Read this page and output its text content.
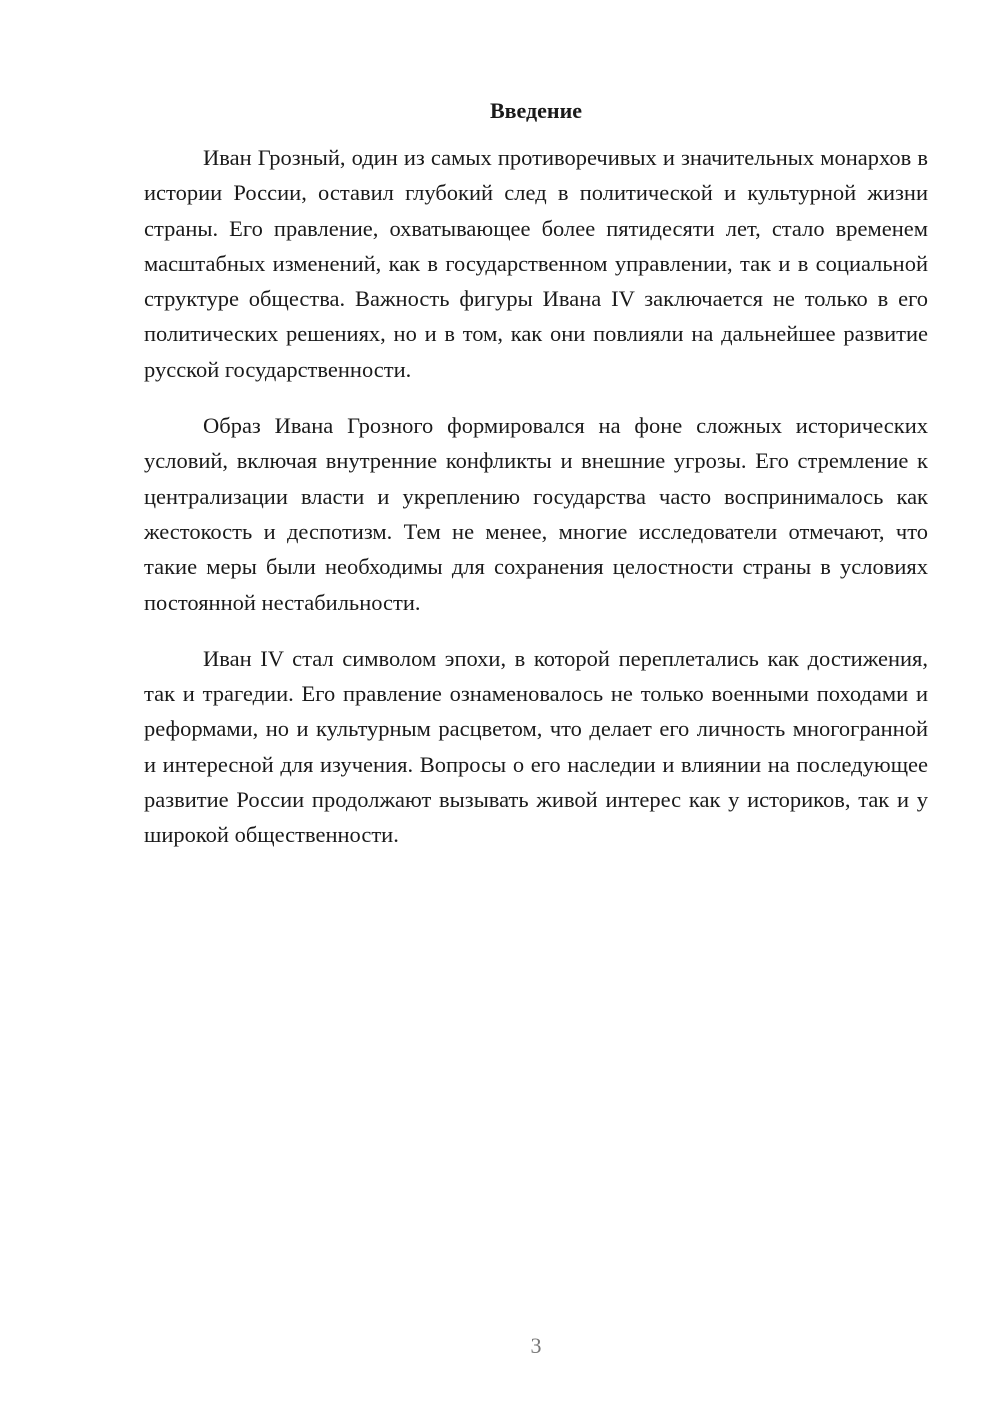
Введение

Иван Грозный, один из самых противоречивых и значительных монархов в истории России, оставил глубокий след в политической и культурной жизни страны. Его правление, охватывающее более пятидесяти лет, стало временем масштабных изменений, как в государственном управлении, так и в социальной структуре общества. Важность фигуры Ивана IV заключается не только в его политических решениях, но и в том, как они повлияли на дальнейшее развитие русской государственности.

Образ Ивана Грозного формировался на фоне сложных исторических условий, включая внутренние конфликты и внешние угрозы. Его стремление к централизации власти и укреплению государства часто воспринималось как жестокость и деспотизм. Тем не менее, многие исследователи отмечают, что такие меры были необходимы для сохранения целостности страны в условиях постоянной нестабильности.

Иван IV стал символом эпохи, в которой переплетались как достижения, так и трагедии. Его правление ознаменовалось не только военными походами и реформами, но и культурным расцветом, что делает его личность многогранной и интересной для изучения. Вопросы о его наследии и влиянии на последующее развитие России продолжают вызывать живой интерес как у историков, так и у широкой общественности.

3
